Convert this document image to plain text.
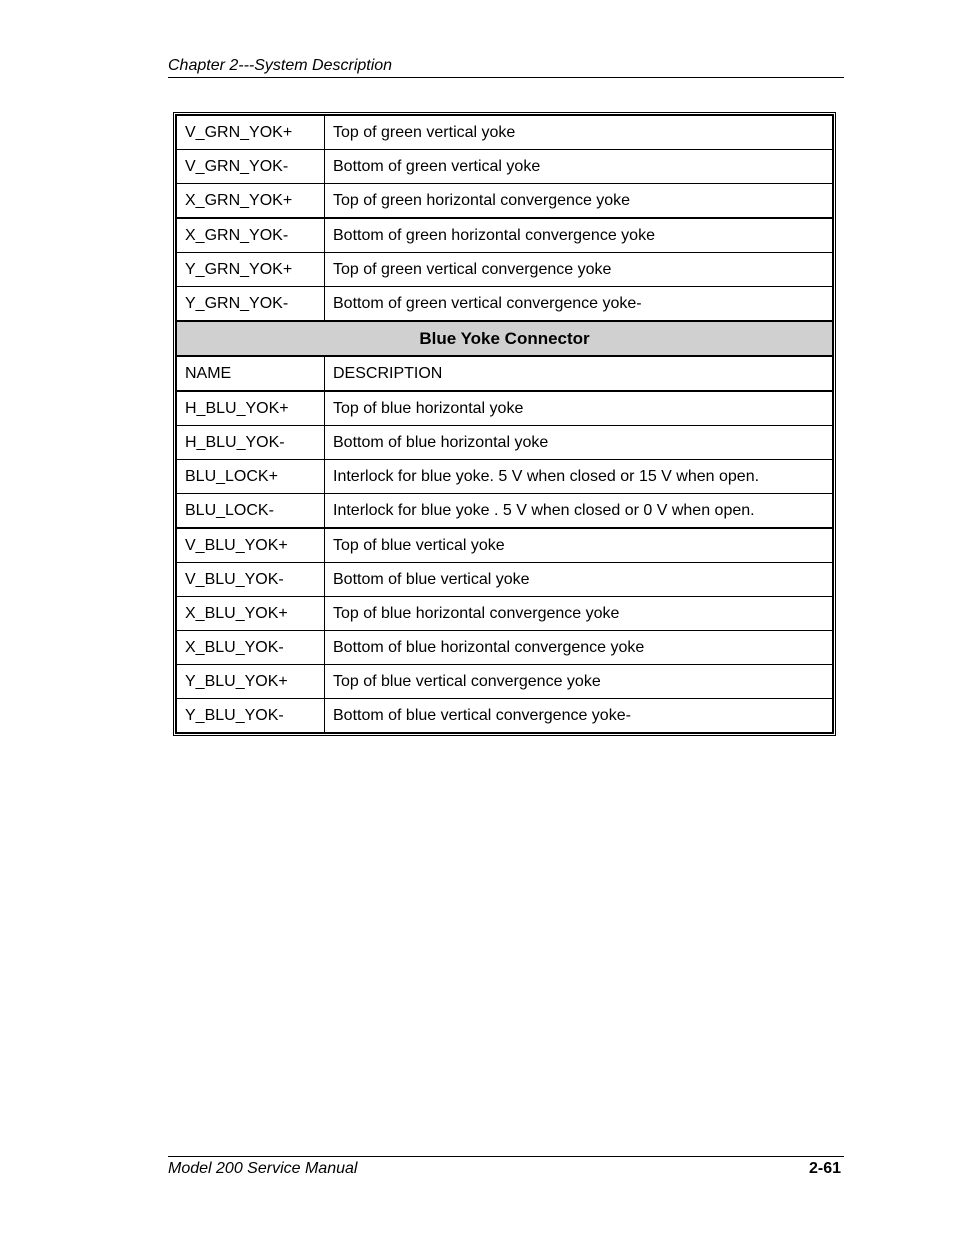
Chapter 2---System Description
V_GRN_YOK+	Top of green vertical yoke
V_GRN_YOK-	Bottom of green vertical yoke
X_GRN_YOK+	Top of green horizontal convergence yoke
X_GRN_YOK-	Bottom of green horizontal convergence yoke
Y_GRN_YOK+	Top of green vertical convergence yoke
Y_GRN_YOK-	Bottom of green vertical convergence yoke-
Blue Yoke Connector	
NAME	DESCRIPTION
H_BLU_YOK+	Top of blue horizontal yoke
H_BLU_YOK-	Bottom of blue horizontal yoke
BLU_LOCK+	Interlock for blue yoke. 5 V when closed or 15 V when open.
BLU_LOCK-	Interlock for blue yoke . 5 V when closed or 0 V when open.
V_BLU_YOK+	Top of blue vertical yoke
V_BLU_YOK-	Bottom of blue vertical yoke
X_BLU_YOK+	Top of blue horizontal convergence yoke
X_BLU_YOK-	Bottom of blue horizontal convergence yoke
Y_BLU_YOK+	Top of blue vertical convergence yoke
Y_BLU_YOK-	Bottom of blue vertical convergence yoke-
Model 200 Service Manual	2-61
